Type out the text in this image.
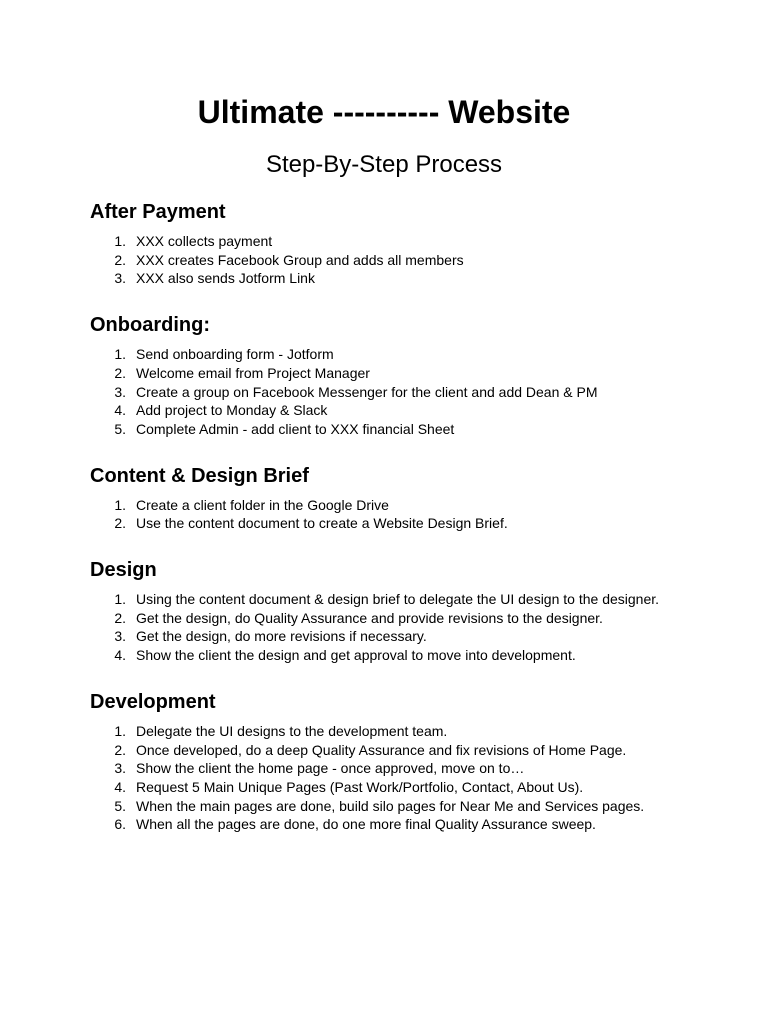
Ultimate ---------- Website
Step-By-Step Process
After Payment
1. XXX collects payment
2. XXX creates Facebook Group and adds all members
3. XXX also sends Jotform Link
Onboarding:
1. Send onboarding form - Jotform
2. Welcome email from Project Manager
3. Create a group on Facebook Messenger for the client and add Dean & PM
4. Add project to Monday & Slack
5. Complete Admin - add client to XXX financial Sheet
Content & Design Brief
1. Create a client folder in the Google Drive
2. Use the content document to create a Website Design Brief.
Design
1. Using the content document & design brief to delegate the UI design to the designer.
2. Get the design, do Quality Assurance and provide revisions to the designer.
3. Get the design, do more revisions if necessary.
4. Show the client the design and get approval to move into development.
Development
1. Delegate the UI designs to the development team.
2. Once developed, do a deep Quality Assurance and fix revisions of Home Page.
3. Show the client the home page - once approved, move on to…
4. Request 5 Main Unique Pages (Past Work/Portfolio, Contact, About Us).
5. When the main pages are done, build silo pages for Near Me and Services pages.
6. When all the pages are done, do one more final Quality Assurance sweep.
